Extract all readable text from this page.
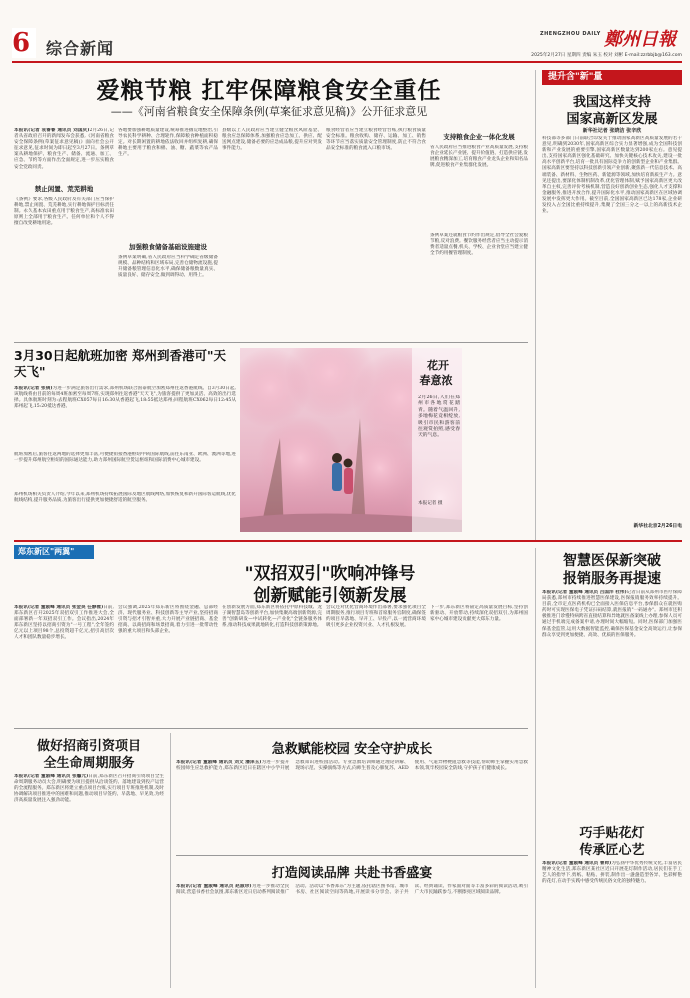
6 综合新闻
ZHENGZHOU DAILY 鄭州日報
2025年2月27日 星期四 责编 朱玉 校对 刘彬 E-mail:zzrbbjb@163.com
爱粮节粮 扛牢保障粮食安全重任
——《河南省粮食安全保障条例(草案征求意见稿)》公开征求意见
本报讯(记者 袁睿睿 通讯员 刘国庆)2月26日,记者从省政府召开的新闻发布会获悉,《河南省粮食安全保障条例(草案征求意见稿)》面向社会公开征求意见,征求时间为即日起至3月27日。条例草案从耕地保护、粮食生产、储备、流通、加工、应急、节约等方面作出全面规定,进一步压实粮食安全党政同责。
禁止闲置、荒芜耕地
《条例》要求,各级人民政府及有关部门应当保护耕地,禁止闲置、荒芜耕地,实行耕地保护目标责任制。永久基本农田重点用于粮食生产,高标准农田原则上全部用于粮食生产。任何单位和个人不得擅自改变耕地用途。
各地要加强耕地质量建设,统筹推进撂荒地整治,引导农民科学耕种、合理轮作,保障粮食种植面积稳定。对长期闲置的耕地依法收回并组织复耕,确保耕地主要用于粮食和棉、油、糖、蔬菜等农产品生产。
加强粮食储备基础设施建设
条例草案明确,省人民政府应当科学确定省级储备规模、品种结构和区域布局,完善仓储物流设施,提升储备粮管理信息化水平,确保储备粮数量真实、质量良好、储存安全,做到调得动、用得上。
县级以上人民政府应当建立健全粮食风险基金、粮食应急保障体系,加强粮食应急加工、供应、配送网点建设,储备必要的应急成品粮,提升应对突发事件能力。
粮食经营者应当建立粮食经营台账,执行粮食质量安全标准。粮食收购、储存、运输、加工、销售等环节应当落实质量安全管理制度,防止不符合食品安全标准的粮食流入口粮市场。
支持粮食企业一体化发展
省人民政府应当推进粮食产业高质量发展,支持粮食企业延长产业链、提升价值链、打造供应链,发展粮食精深加工,培育粮食产业龙头企业和知名品牌,促进粮食产业集群化发展。
条例草案还就粮食节约作出规定,倡导全社会爱粮节粮,反对浪费。餐饮服务经营者应当主动提示消费者适量点餐,机关、学校、企业食堂应当建立健全节约用餐管理制度。
提升含"新"量
我国这样支持
国家高新区发展
新华社记者 张晓洁 张辛欣
科技部等多部门日前联合印发关于推动国家高新区高质量发展的若干意见,明确到2030年,国家高新区综合实力显著增强,成为全国科技创新和产业发展的重要引擎,国家高新区数量达到200家左右。意见提出,支持国家高新区强化基础研究、加快关键核心技术攻关,建设一批高水平创新平台,培育一批具有国际竞争力的创新型企业和产业集群。国家高新区要坚持以科技创新引领产业创新,聚焦新一代信息技术、高端装备、新材料、生物医药、新能源等领域,加快培育新质生产力。意见还提出,要深化体制机制改革,优化管理体制,赋予国家高新区更大改革自主权,完善评价考核机制,营造良好创新创业生态,强化人才支撑和金融服务,推进开放合作,提升国际化水平,推动国家高新区在区域协调发展中发挥更大作用。截至目前,全国国家高新区已达178家,企业研发投入占全国比重持续提升,集聚了全国三分之一以上的高新技术企业。
新华社北京2月26日电
3月30日起航班加密 郑州到香港可"天天飞"
本报讯(记者 张倩)为进一步满足旅客出行需求,郑州机场联合国泰航空加密郑州往返香港航线。自3月30日起,该航线将由目前的每周4班加密至每周7班,实现郑州往返香港"天天飞",为旅客提供了更加灵活、高效的出行选择。具体航班时刻为:去程航班CX057每日16:30从香港起飞,18:55抵达郑州;回程航班CX062每日12:45从郑州起飞,15:20抵达香港。
航班加密后,旅客往返两地的选择更加丰富,可便捷衔接香港枢纽中转国际航线,前往东南亚、欧洲、澳洲等地,进一步提升郑州航空枢纽的国际通达能力,助力郑州国际航空货运枢纽和国际消费中心城市建设。
郑州机场相关负责人介绍,今年以来,郑州机场持续拓展国际及地区航线网络,加快恢复和新开国际客运航线,优化航线结构,提升服务品质,为旅客出行提供更加便捷舒适的航空服务。
花开
春意浓
2月26日,人们在郑州市各地赏花踏青。随着气温回升,多地梅花竞相绽放,吸引市民和游客前往观赏拍照,感受春天的气息。
本报记者 摄
郑东新区"两翼"
"双招双引"吹响冲锋号
创新赋能引领新发展
本报讯(记者 董淑峰 通讯员 张金昊 任静雅)日前,郑东新区召开2025年双招双引工作推进大会,全面部署新一年双招双引工作。会议指出,2024年郑东新区坚持以招商引资为"一号工程",全年签约亿元以上项目98个,总投资超千亿元,招引高层次人才和团队数量稳步增长。
会议强调,2025年郑东新区将围绕金融、总部经济、现代服务业、科技创新等主导产业,坚持招商引资与招才引智并重,大力开展产业链招商、基金招商、以商招商和场景招商,着力引进一批带动性强的重大项目和头部企业。
在创新发展方面,郑东新区将依托中原科技城、龙子湖智慧岛等创新平台,加快集聚高端创新资源,完善"创新研发—中试转化—产业化"全链条服务体系,推动科技成果就地转化,打造科技创新策源地。
会议还对优化营商环境作出部署,要求强化项目全周期服务,推行项目专班和首席服务官制度,确保签约项目早落地、早开工、早投产,以一流营商环境吸引更多企业投资兴业、人才扎根发展。
下一步,郑东新区将锚定高质量发展目标,坚持创新驱动、开放带动,持续深化双招双引,为郑州国家中心城市建设贡献更大郑东力量。
智慧医保新突破
报销服务再提速
本报讯(记者 董淑峰 通讯员 吕国洋 杜伟)记者日前从郑州市医疗保障局获悉,郑州市持续推进智慧医保建设,医保报销服务效率持续提升。目前,全市定点医药机构已全面接入医保信息平台,参保群众在就医购药时可实现医保电子凭证扫码结算,就医报销"一码通办"。郑州市还积极推进门诊慢特病跨省直接结算和异地就医备案线上办理,参保人员可通过手机端完成备案申请,办理时间大幅缩短。同时,医保部门加强医保基金监管,运用大数据智能监控,确保医保基金安全高效运行,让参保群众享受到更加便捷、高效、优质的医保服务。
做好招商引资项目
全生命周期服务
本报讯(记者 董淑峰 通讯员 张馨元)日前,郑东新区召开招商引资项目全生命周期服务动员大会,明确要为项目提供从洽谈签约、落地建设到投产运营的全流程服务。郑东新区将建立重点项目台账,实行项目专班推进机制,及时协调解决项目推进中的困难和问题,推动项目早签约、早落地、早见效,为经济高质量发展注入强劲动能。
急救赋能校园 安全守护成长
本报讯(记者 董淑峰 通讯员 刘文 潘泽玉)为进一步提升校园师生应急救护能力,郑东新区近日在辖区中小学开展急救知识进校园活动。专业急救培训师通过理论讲解、现场示范、实操演练等方式,向师生普及心肺复苏、AED使用、气道异物梗阻急救等技能,帮助师生掌握实用急救本领,筑牢校园安全防线,守护孩子们健康成长。
打造阅读品牌 共赴书香盛宴
本报讯(记者 董淑峰 通讯员 赵淑珍)为进一步推动全民阅读,营造书香社会氛围,郑东新区近日启动系列阅读推广活动。活动以"书香郑东"为主题,依托辖区图书馆、城市书房、社区阅读空间等阵地,开展读书分享会、亲子共读、经典诵读、作家面对面等丰富多彩的阅读活动,吸引广大市民踊跃参与,不断擦亮区域阅读品牌。
巧手贴花灯
传承匠心艺
本报讯(记者 董淑峰 通讯员 曹帅)为弘扬中华优秀传统文化,丰富居民精神文化生活,郑东新区某社区近日开展花灯制作活动,居民们在手工艺人的指导下,剪纸、粘贴、拼装,制作出一盏盏造型各异、色彩鲜艳的花灯,在动手实践中感受传统民俗文化的独特魅力。
